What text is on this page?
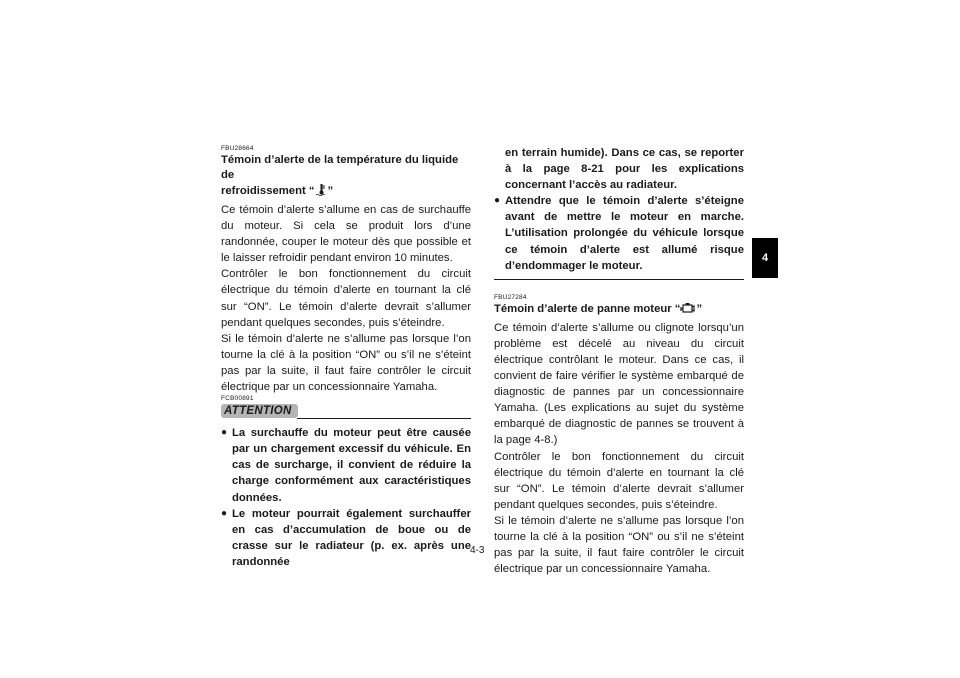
FBU28664

Témoin d’alerte de la température du liquide de
refroidissement “ ”

Ce témoin d’alerte s’allume en cas de surchauffe du moteur. Si cela se produit lors d’une randonnée, couper le moteur dès que possible et le laisser refroidir pendant environ 10 minutes.

Contrôler le bon fonctionnement du circuit électrique du témoin d’alerte en tournant la clé sur “ON”. Le témoin d’alerte devrait s’allumer pendant quelques secondes, puis s’éteindre.

Si le témoin d’alerte ne s’allume pas lorsque l’on tourne la clé à la position “ON” ou s’il ne s’éteint pas par la suite, il faut faire contrôler le circuit électrique par un concessionnaire Yamaha.

FCB00891

ATTENTION
● La surchauffe du moteur peut être causée par un chargement excessif du véhicule. En cas de surcharge, il convient de réduire la charge conformément aux caractéristiques données.
● Le moteur pourrait également surchauffer en cas d’accumulation de boue ou de crasse sur le radiateur (p. ex. après une randonnée

en terrain humide). Dans ce cas, se reporter à la page 8-21 pour les explications concernant l’accès au radiateur.

● Attendre que le témoin d’alerte s’éteigne avant de mettre le moteur en marche. L’utilisation prolongée du véhicule lorsque ce témoin d’alerte est allumé risque d’endommager le moteur.

FBU27284

Témoin d’alerte de panne moteur “ ”

Ce témoin d’alerte s’allume ou clignote lorsqu’un problème est décelé au niveau du circuit électrique contrôlant le moteur. Dans ce cas, il convient de faire vérifier le système embarqué de diagnostic de pannes par un concessionnaire Yamaha. (Les explications au sujet du système embarqué de diagnostic de pannes se trouvent à la page 4-8.)

Contrôler le bon fonctionnement du circuit électrique du témoin d’alerte en tournant la clé sur “ON”. Le témoin d’alerte devrait s’allumer pendant quelques secondes, puis s’éteindre.

Si le témoin d’alerte ne s’allume pas lorsque l’on tourne la clé à la position “ON” ou s’il ne s’éteint pas par la suite, il faut faire contrôler le circuit électrique par un concessionnaire Yamaha.

4
4-3
